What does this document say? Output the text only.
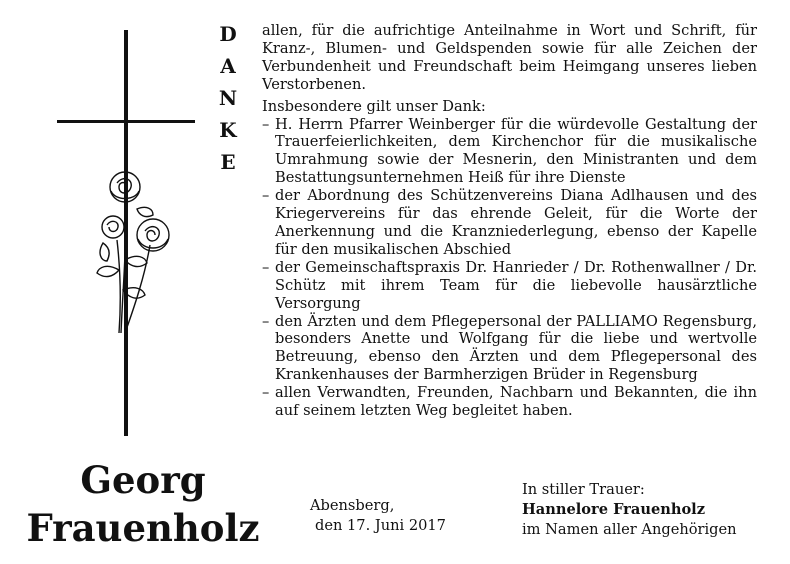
D
A
N
K
E

allen, für die aufrichtige Anteilnahme in Wort und Schrift, für Kranz-, Blumen- und Geldspenden sowie für alle Zeichen der Verbundenheit und Freundschaft beim Heimgang unseres lieben Verstorbenen.

Insbesondere gilt unser Dank:

– H. Herrn Pfarrer Weinberger für die würdevolle Gestaltung der Trauerfeierlichkeiten, dem Kirchenchor für die musikalische Umrahmung sowie der Mesnerin, den Ministranten und dem Bestattungsunternehmen Heiß für ihre Dienste

– der Abordnung des Schützenvereins Diana Adlhausen und des Kriegervereins für das ehrende Geleit, für die Worte der Anerkennung und die Kranzniederlegung, ebenso der Kapelle für den musikalischen Abschied

– der Gemeinschaftspraxis Dr. Hanrieder / Dr. Rothenwallner / Dr. Schütz mit ihrem Team für die liebevolle hausärztliche Versorgung

– den Ärzten und dem Pflegepersonal der PALLIAMO Regensburg, besonders Anette und Wolfgang für die liebe und wertvolle Betreuung, ebenso den Ärzten und dem Pflegepersonal des Krankenhauses der Barmherzigen Brüder in Regensburg

– allen Verwandten, Freunden, Nachbarn und Bekannten, die ihn auf seinem letzten Weg begleitet haben.

Georg
Frauenholz
Abensberg,
den 17. Juni 2017
In stiller Trauer:
Hannelore Frauenholz
im Namen aller Angehörigen
